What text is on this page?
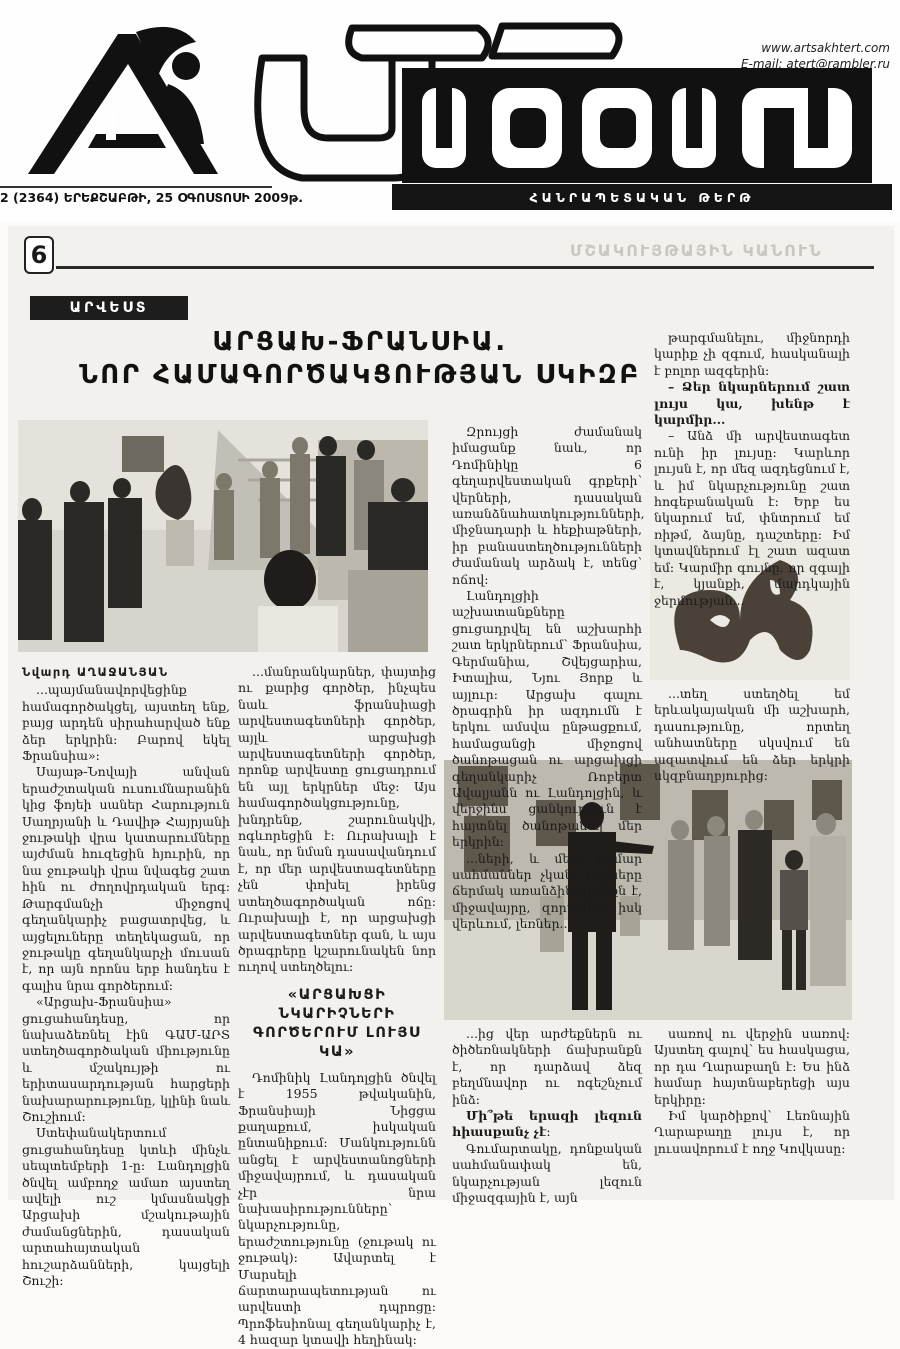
www.artsakhtert.com
E-mail: atert@rambler.ru
2 (2364) ԵՐԵՔՇԱԲԹԻ, 25 ՕԳՈՍՏՈՍԻ 2009թ.	ՀԱՆՐԱՊԵՏԱԿԱՆ ԹԵՐԹ
ՄՇԱԿՈՒՅԹԱՅԻՆ ԿԱՆՈՒՆ
6
ԱՐՎԵՍՏ
ԱՐՑԱԽ-ՖՐԱՆՍԻԱ.
ՆՈՐ ՀԱՄԱԳՈՐԾԱԿՑՈՒԹՅԱՆ ՍԿԻԶԲ
Նվարդ ԱՂԱՋԱՆՅԱՆ

...պայմանավորվեցինք համագործակցել, այստեղ ենք, բայց արդեն սիրահարված ենք ձեր երկրին։ Բարով եկել Ֆրանսիա»։

Սայաթ-Նովայի անվան երաժշտական ուսումնարանին կից ֆոյեի սաներ Հարություն Սաղրյանի և Դավիթ Հայրյանի ջութակի վրա կատարումները այժման հուզեցին հյուրին, որ նա ջութակի վրա նվագեց շատ հին ու ժողովրդական երգ։ Թարգմանչի միջոցով գեղանկարիչ բացատրվեց, և այցելուները տեղեկացան, որ ջութակը գեղանկարչի մուսան է, որ այն որոնս երբ հանդես է գալիս նրա գործերում։

«Արցախ-Ֆրանսիա» ցուցահանդեսը, որ նախաձեռնել էին ԳԱՄ-ԱՐՏ ստեղծագործական միությունը և մշակույթի ու երիտասարդության հարցերի նախարարությունը, կլինի նաև Շուշիում։

Ստեփանակերտում ցուցահանդեսը կտևի մինչև սեպտեմբերի 1-ը։ Լանդոլցին ծնվել ամբողջ ամառ այստեղ ավելի ուշ կմասնակցի Արցախի մշակութային ժամանցներին, դասական արտահայտական հուշարձանների, կայցելի Շուշի։

...մանրանկարներ, փայտից ու քարից գործեր, ինչպես նաև ֆրանսիացի արվեստագետների գործեր, այլև արցախցի արվեստագետների գործեր, որոնք արվեստը ցուցադրում են այլ երկրներ մեջ։ Այս համագործակցությունը, խնդրենք, շարունակվի, ոգևորեցին է։ Ուրախալի է նաև, որ նման դասավանդում է, որ մեր արվեստագետները չեն փոխել իրենց ստեղծագործական ոճը։ Ուրախալի է, որ արցախցի արվեստագետներ գան, և այս ծրագրերը կշարունակեն նոր ուղով ստեղծելու։

«ԱՐՑԱԽՑԻ ՆԿԱՐԻՉՆԵՐԻ ԳՈՐԾԵՐՈՒՄ ԼՈՒՅՍ ԿԱ»

Դոմինիկ Լանդոլցին ծնվել է 1955 թվականին, Ֆրանսիայի Նիցցա քաղաքում, իսկական ընտանիքում։ Մանկությունն անցել է արվեստանոցների միջավայրում, և դասական չէր նրա նախասիրությունները՝ նկարչությունը, երաժշտությունը (ջութակ ու ջութակ)։ Ավարտել է Մարսելի ճարտարապետության ու արվեստի դպրոցը։ Պրոֆեսիոնալ գեղանկարիչ է, 4 հազար կտավի հեղինակ։

Զրույցի ժամանակ իմացանք նաև, որ Դոմինիկը 6 գեղարվեստական գրքերի՝ վերների, դասական առանձնահատկությունների, միջնադարի և հեքիաթների, իր բանաստեղծությունների ժամանակ արձակ է, տենց՝ ոճով։

Լանդոլցիի աշխատանքները ցուցադրվել են աշխարհի շատ երկրներում՝ Ֆրանսիա, Գերմանիա, Շվեյցարիա, Իտալիա, Նյու Յորք և այլուր։ Արցախ գալու ծրագրին իր ազդումն է երկու ամսվա ընթացքում, համացանցի միջոցով ծանոթացան ու արցախցի գեղանկարիչ Ռոբերտ Ավալյանն ու Լանդոլցին, և վերջինս ցանկություն է հայտնել ծանոթանալ մեր երկրին։

...ների, և մեզ համար սահմաններ չկան։ Լեռները ճերմակ առանձին կյանքն է, միջավայրը, զորավոր, իսկ վերևում, լեռներ...

թարգմանելու, միջնորդի կարիք չի զգում, հասկանալի է բոլոր ազգերին։

– Ձեր նկարներում շատ լույս կա, խենթ է կարմիր...

– Անձ մի արվեստագետ ունի իր լույսը։ Կարևոր լույսն է, որ մեզ ազդեցնում է, և իմ նկարչությունը շատ հոգեբանական է։ Երբ ես նկարում եմ, փնտրում եմ ռիթմ, ձայնը, դաշտերը։ Իմ կտավներում էլ շատ ազատ եմ։ Կարմիր գույնը, որ զգալի է, կյանքի, մարդկային ջերմության...

...տեղ ստեղծել եմ երևակայական մի աշխարհ, դասությունը, որտեղ անհատները սկսվում են ազատվում են ձեր երկրի սկզբնաղբյուրից։

...ից վեր արժեքներն ու ծիծեռնակների ճախրանքն է, որ դարձավ ձեզ բեղմնավոր ու ոգեշնչում ինձ։

Մի՞թե երազի լեզուն հիասքանչ չէ։

Գումարտակը, դոնքական սահմանափակ են, նկարչության լեզուն միջազգային է, այն

սառով ու վերջին սառով։ Այստեղ գալով՝ ես հասկացա, որ դա Ղարաբաղն է։ Ես ինձ համար հայտնաբերեցի այս երկիրը։

Իմ կարծիքով՝ Լեռնային Ղարաբաղը լույս է, որ լուսավորում է ողջ Կովկասը։
